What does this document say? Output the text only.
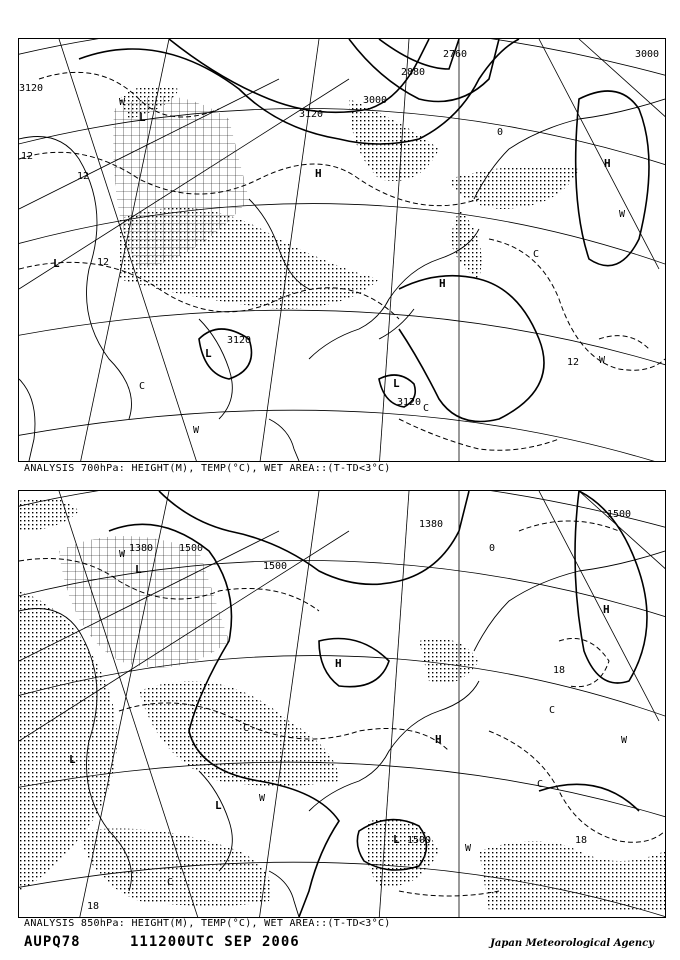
L
H
H
H
L
L
L
W
W
W
W
C
C
C
3120
3120
3000
3000
2880
2760
3120
3120
12
12
12
12
0
ANALYSIS 700hPa: HEIGHT(M), TEMP(°C), WET AREA::(T-TD<3°C)
L
H
H
H
L
L
L
W
W
W
W
C
C
C
C
1380	1500
1500
1380
1500
1500
18
18
18
0
ANALYSIS 850hPa: HEIGHT(M), TEMP(°C), WET AREA::(T-TD<3°C)
AUPQ78	111200UTC SEP 2006	Japan Meteorological Agency
